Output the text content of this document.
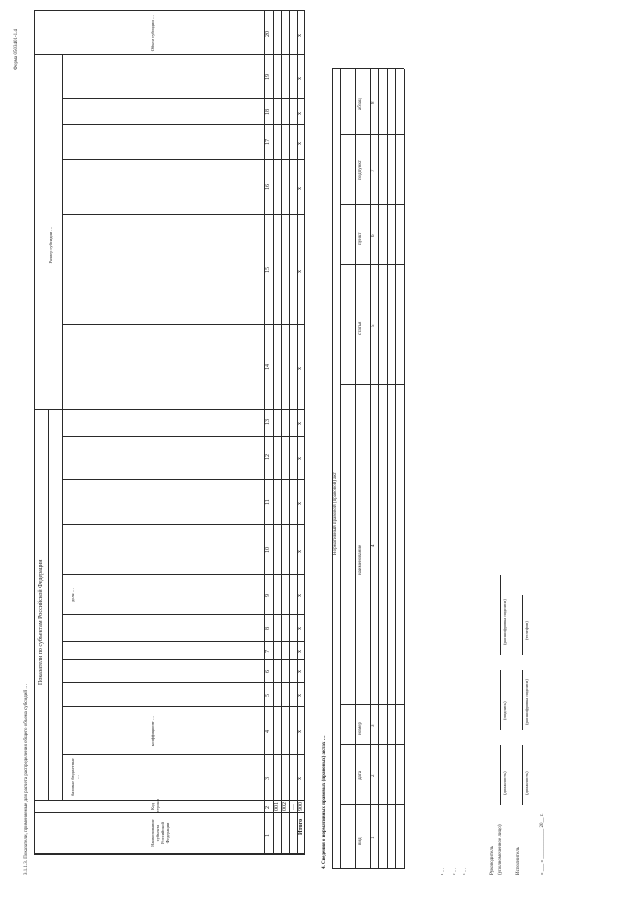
Форма 0503401-1.4
3.1.1.3. Показатели, применяемые для расчета распределения общего объема субсидий …
Показатели по субъектам Российской Федерации
Наименование субъекта Российской Федерации
Код строки
базовые бюджетные …
доля …
Размер субсидии …
коэффициент …
Объем субсидии …
1
2
3
4
5
6
7
8
9
10
11
12
13
14
15
16
17
18
19
20
001 002 …
Итого
900
x
x
x
x
x
x
x
x
x
x
x
x
x
x
x
x
x
x
4. Сведения о нормативных правовых (правовых) актах …
Нормативный правовой (правовой) акт
вид
дата
номер
наименование
статья
пункт
подпункт
абзац
1
2
3
4
5
6
7
8
¹ … ² … ³ …	Руководитель (уполномоченное лицо)
(должность)
(подпись)
(расшифровка подписи)
Исполнитель
(должность)
(расшифровка подписи)
(телефон)
« ___ » ____________ 20__ г.
